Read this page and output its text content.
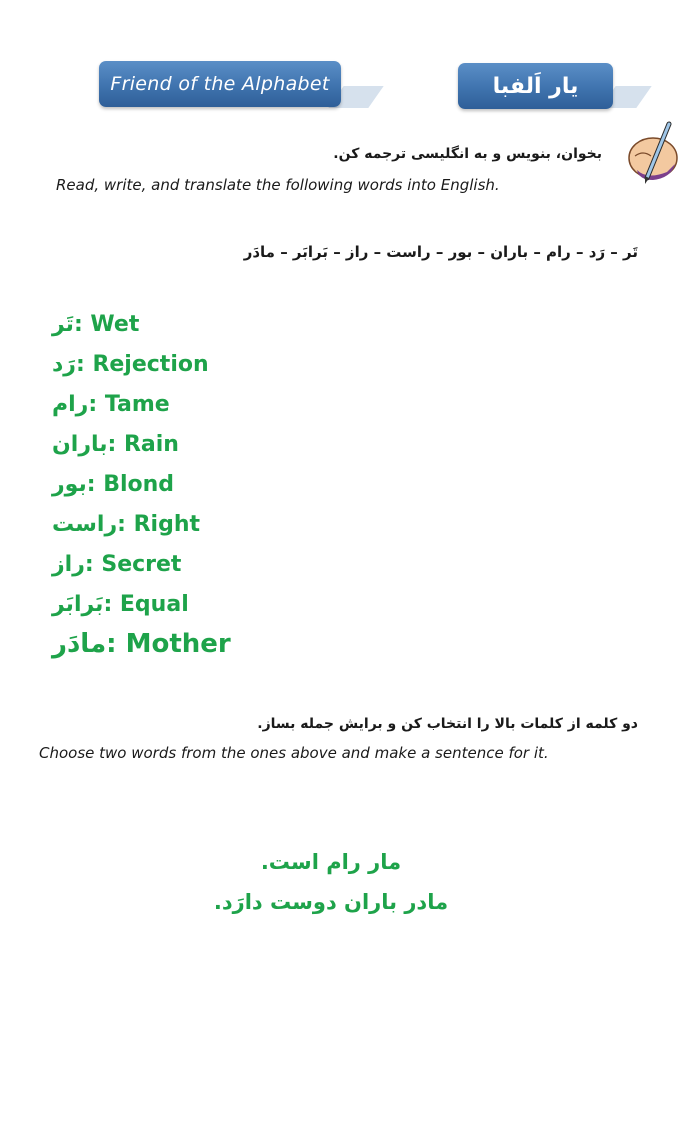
Friend of the Alphabet	یار اَلفبا
بخوان، بنویس و به انگلیسی ترجمه کن.
Read, write, and translate the following words into English.
تَر – رَد – رام – باران – بور – راست – راز – بَرابَر – مادَر
تَر : Wet
رَد : Rejection
رام : Tame
باران : Rain
بور : Blond
راست : Right
راز : Secret
بَرابَر : Equal
مادَر : Mother
دو کلمه از کلمات بالا را انتخاب کن و برایش جمله بساز.
Choose two words from the ones above and make a sentence for it.
مار رام است.
مادر باران دوست دارَد.
